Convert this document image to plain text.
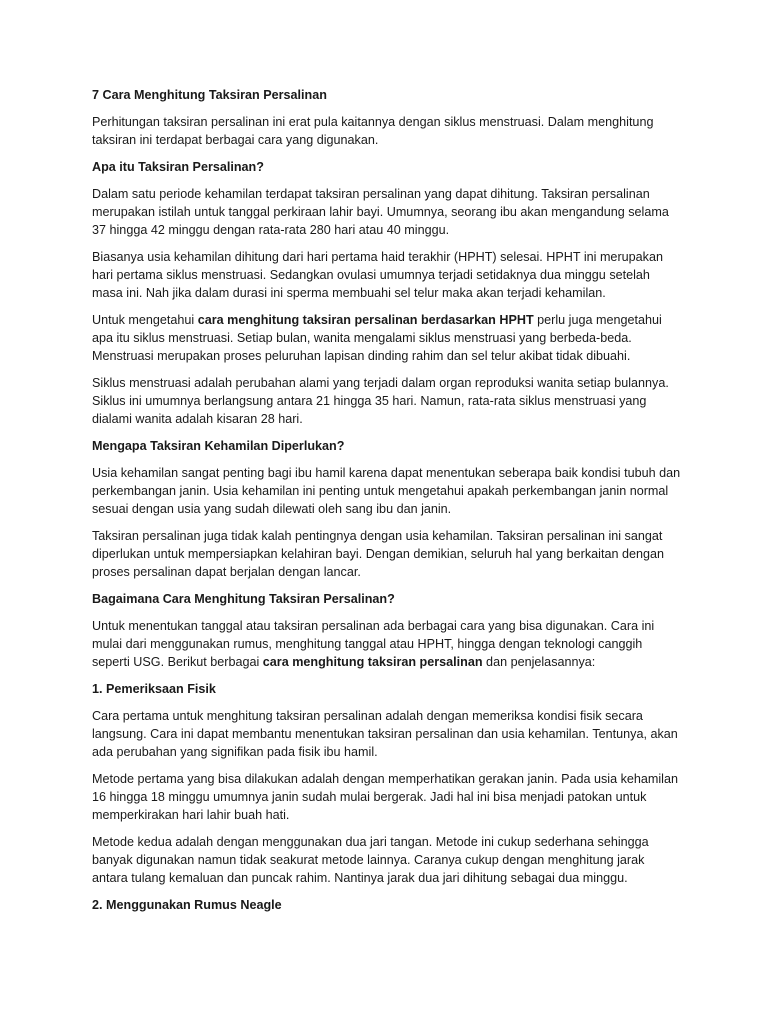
7 Cara Menghitung Taksiran Persalinan

Perhitungan taksiran persalinan ini erat pula kaitannya dengan siklus menstruasi. Dalam menghitung taksiran ini terdapat berbagai cara yang digunakan.

Apa itu Taksiran Persalinan?

Dalam satu periode kehamilan terdapat taksiran persalinan yang dapat dihitung. Taksiran persalinan merupakan istilah untuk tanggal perkiraan lahir bayi. Umumnya, seorang ibu akan mengandung selama 37 hingga 42 minggu dengan rata-rata 280 hari atau 40 minggu.

Biasanya usia kehamilan dihitung dari hari pertama haid terakhir (HPHT) selesai. HPHT ini merupakan hari pertama siklus menstruasi. Sedangkan ovulasi umumnya terjadi setidaknya dua minggu setelah masa ini. Nah jika dalam durasi ini sperma membuahi sel telur maka akan terjadi kehamilan.

Untuk mengetahui cara menghitung taksiran persalinan berdasarkan HPHT perlu juga mengetahui apa itu siklus menstruasi. Setiap bulan, wanita mengalami siklus menstruasi yang berbeda-beda. Menstruasi merupakan proses peluruhan lapisan dinding rahim dan sel telur akibat tidak dibuahi.

Siklus menstruasi adalah perubahan alami yang terjadi dalam organ reproduksi wanita setiap bulannya. Siklus ini umumnya berlangsung antara 21 hingga 35 hari. Namun, rata-rata siklus menstruasi yang dialami wanita adalah kisaran 28 hari.

Mengapa Taksiran Kehamilan Diperlukan?

Usia kehamilan sangat penting bagi ibu hamil karena dapat menentukan seberapa baik kondisi tubuh dan perkembangan janin. Usia kehamilan ini penting untuk mengetahui apakah perkembangan janin normal sesuai dengan usia yang sudah dilewati oleh sang ibu dan janin.

Taksiran persalinan juga tidak kalah pentingnya dengan usia kehamilan. Taksiran persalinan ini sangat diperlukan untuk mempersiapkan kelahiran bayi. Dengan demikian, seluruh hal yang berkaitan dengan proses persalinan dapat berjalan dengan lancar.

Bagaimana Cara Menghitung Taksiran Persalinan?

Untuk menentukan tanggal atau taksiran persalinan ada berbagai cara yang bisa digunakan. Cara ini mulai dari menggunakan rumus, menghitung tanggal atau HPHT, hingga dengan teknologi canggih seperti USG. Berikut berbagai cara menghitung taksiran persalinan dan penjelasannya:

1. Pemeriksaan Fisik

Cara pertama untuk menghitung taksiran persalinan adalah dengan memeriksa kondisi fisik secara langsung. Cara ini dapat membantu menentukan taksiran persalinan dan usia kehamilan. Tentunya, akan ada perubahan yang signifikan pada fisik ibu hamil.

Metode pertama yang bisa dilakukan adalah dengan memperhatikan gerakan janin. Pada usia kehamilan 16 hingga 18 minggu umumnya janin sudah mulai bergerak. Jadi hal ini bisa menjadi patokan untuk memperkirakan hari lahir buah hati.

Metode kedua adalah dengan menggunakan dua jari tangan. Metode ini cukup sederhana sehingga banyak digunakan namun tidak seakurat metode lainnya. Caranya cukup dengan menghitung jarak antara tulang kemaluan dan puncak rahim. Nantinya jarak dua jari dihitung sebagai dua minggu.

2. Menggunakan Rumus Neagle
